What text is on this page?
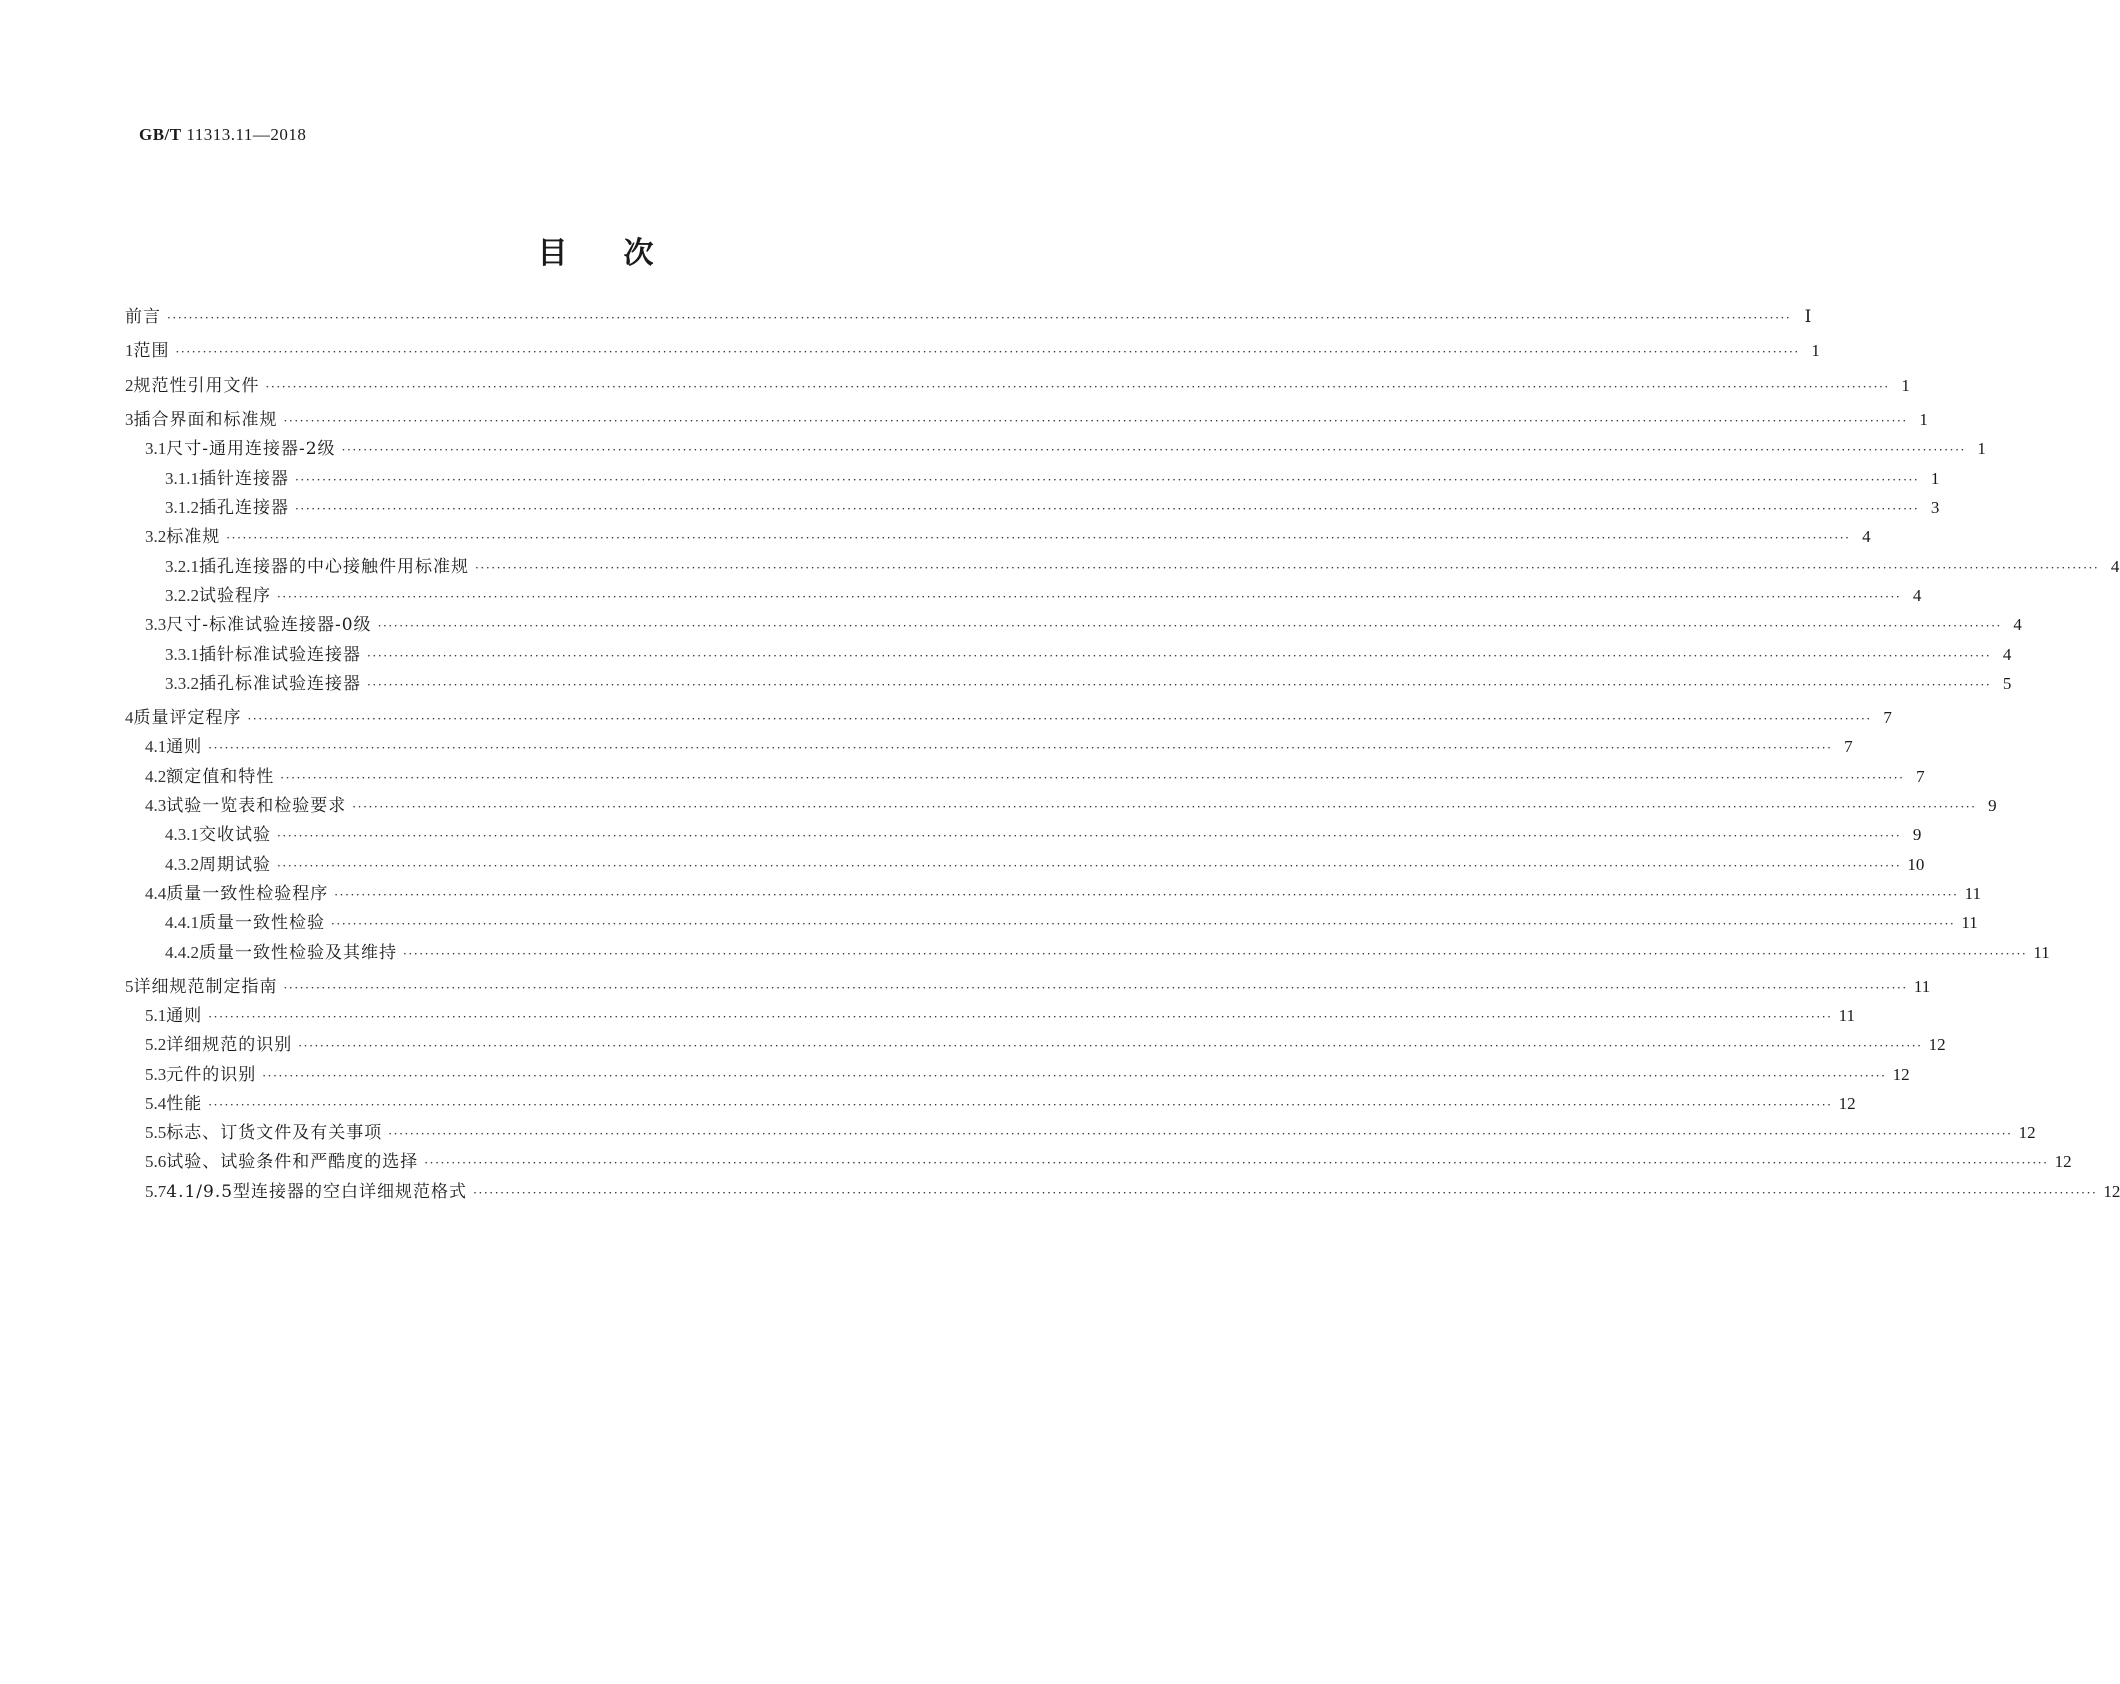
GB/T 11313.11—2018
目次
前言 ············································································································································································································································································································ Ⅰ
1 范围 ············································································································································································································································································································ 1
2 规范性引用文件 ············································································································································································································································································································ 1
3 插合界面和标准规 ············································································································································································································································································································ 1
3.1 尺寸-通用连接器-2级 ············································································································································································································································································································ 1
3.1.1 插针连接器 ············································································································································································································································································································ 1
3.1.2 插孔连接器 ············································································································································································································································································································ 3
3.2 标准规 ············································································································································································································································································································ 4
3.2.1 插孔连接器的中心接触件用标准规 ············································································································································································································································································································ 4
3.2.2 试验程序 ············································································································································································································································································································ 4
3.3 尺寸-标准试验连接器-0级 ············································································································································································································································································································ 4
3.3.1 插针标准试验连接器 ············································································································································································································································································································ 4
3.3.2 插孔标准试验连接器 ············································································································································································································································································································ 5
4 质量评定程序 ············································································································································································································································································································ 7
4.1 通则 ············································································································································································································································································································ 7
4.2 额定值和特性 ············································································································································································································································································································ 7
4.3 试验一览表和检验要求 ············································································································································································································································································································ 9
4.3.1 交收试验 ············································································································································································································································································································ 9
4.3.2 周期试验 ············································································································································································································································································································ 10
4.4 质量一致性检验程序 ············································································································································································································································································································ 11
4.4.1 质量一致性检验 ············································································································································································································································································································ 11
4.4.2 质量一致性检验及其维持 ············································································································································································································································································································ 11
5 详细规范制定指南 ············································································································································································································································································································ 11
5.1 通则 ············································································································································································································································································································ 11
5.2 详细规范的识别 ············································································································································································································································································································ 12
5.3 元件的识别 ············································································································································································································································································································ 12
5.4 性能 ············································································································································································································································································································ 12
5.5 标志、订货文件及有关事项 ············································································································································································································································································································ 12
5.6 试验、试验条件和严酷度的选择 ············································································································································································································································································································ 12
5.7 4.1/9.5型连接器的空白详细规范格式 ············································································································································································································································································································ 12
